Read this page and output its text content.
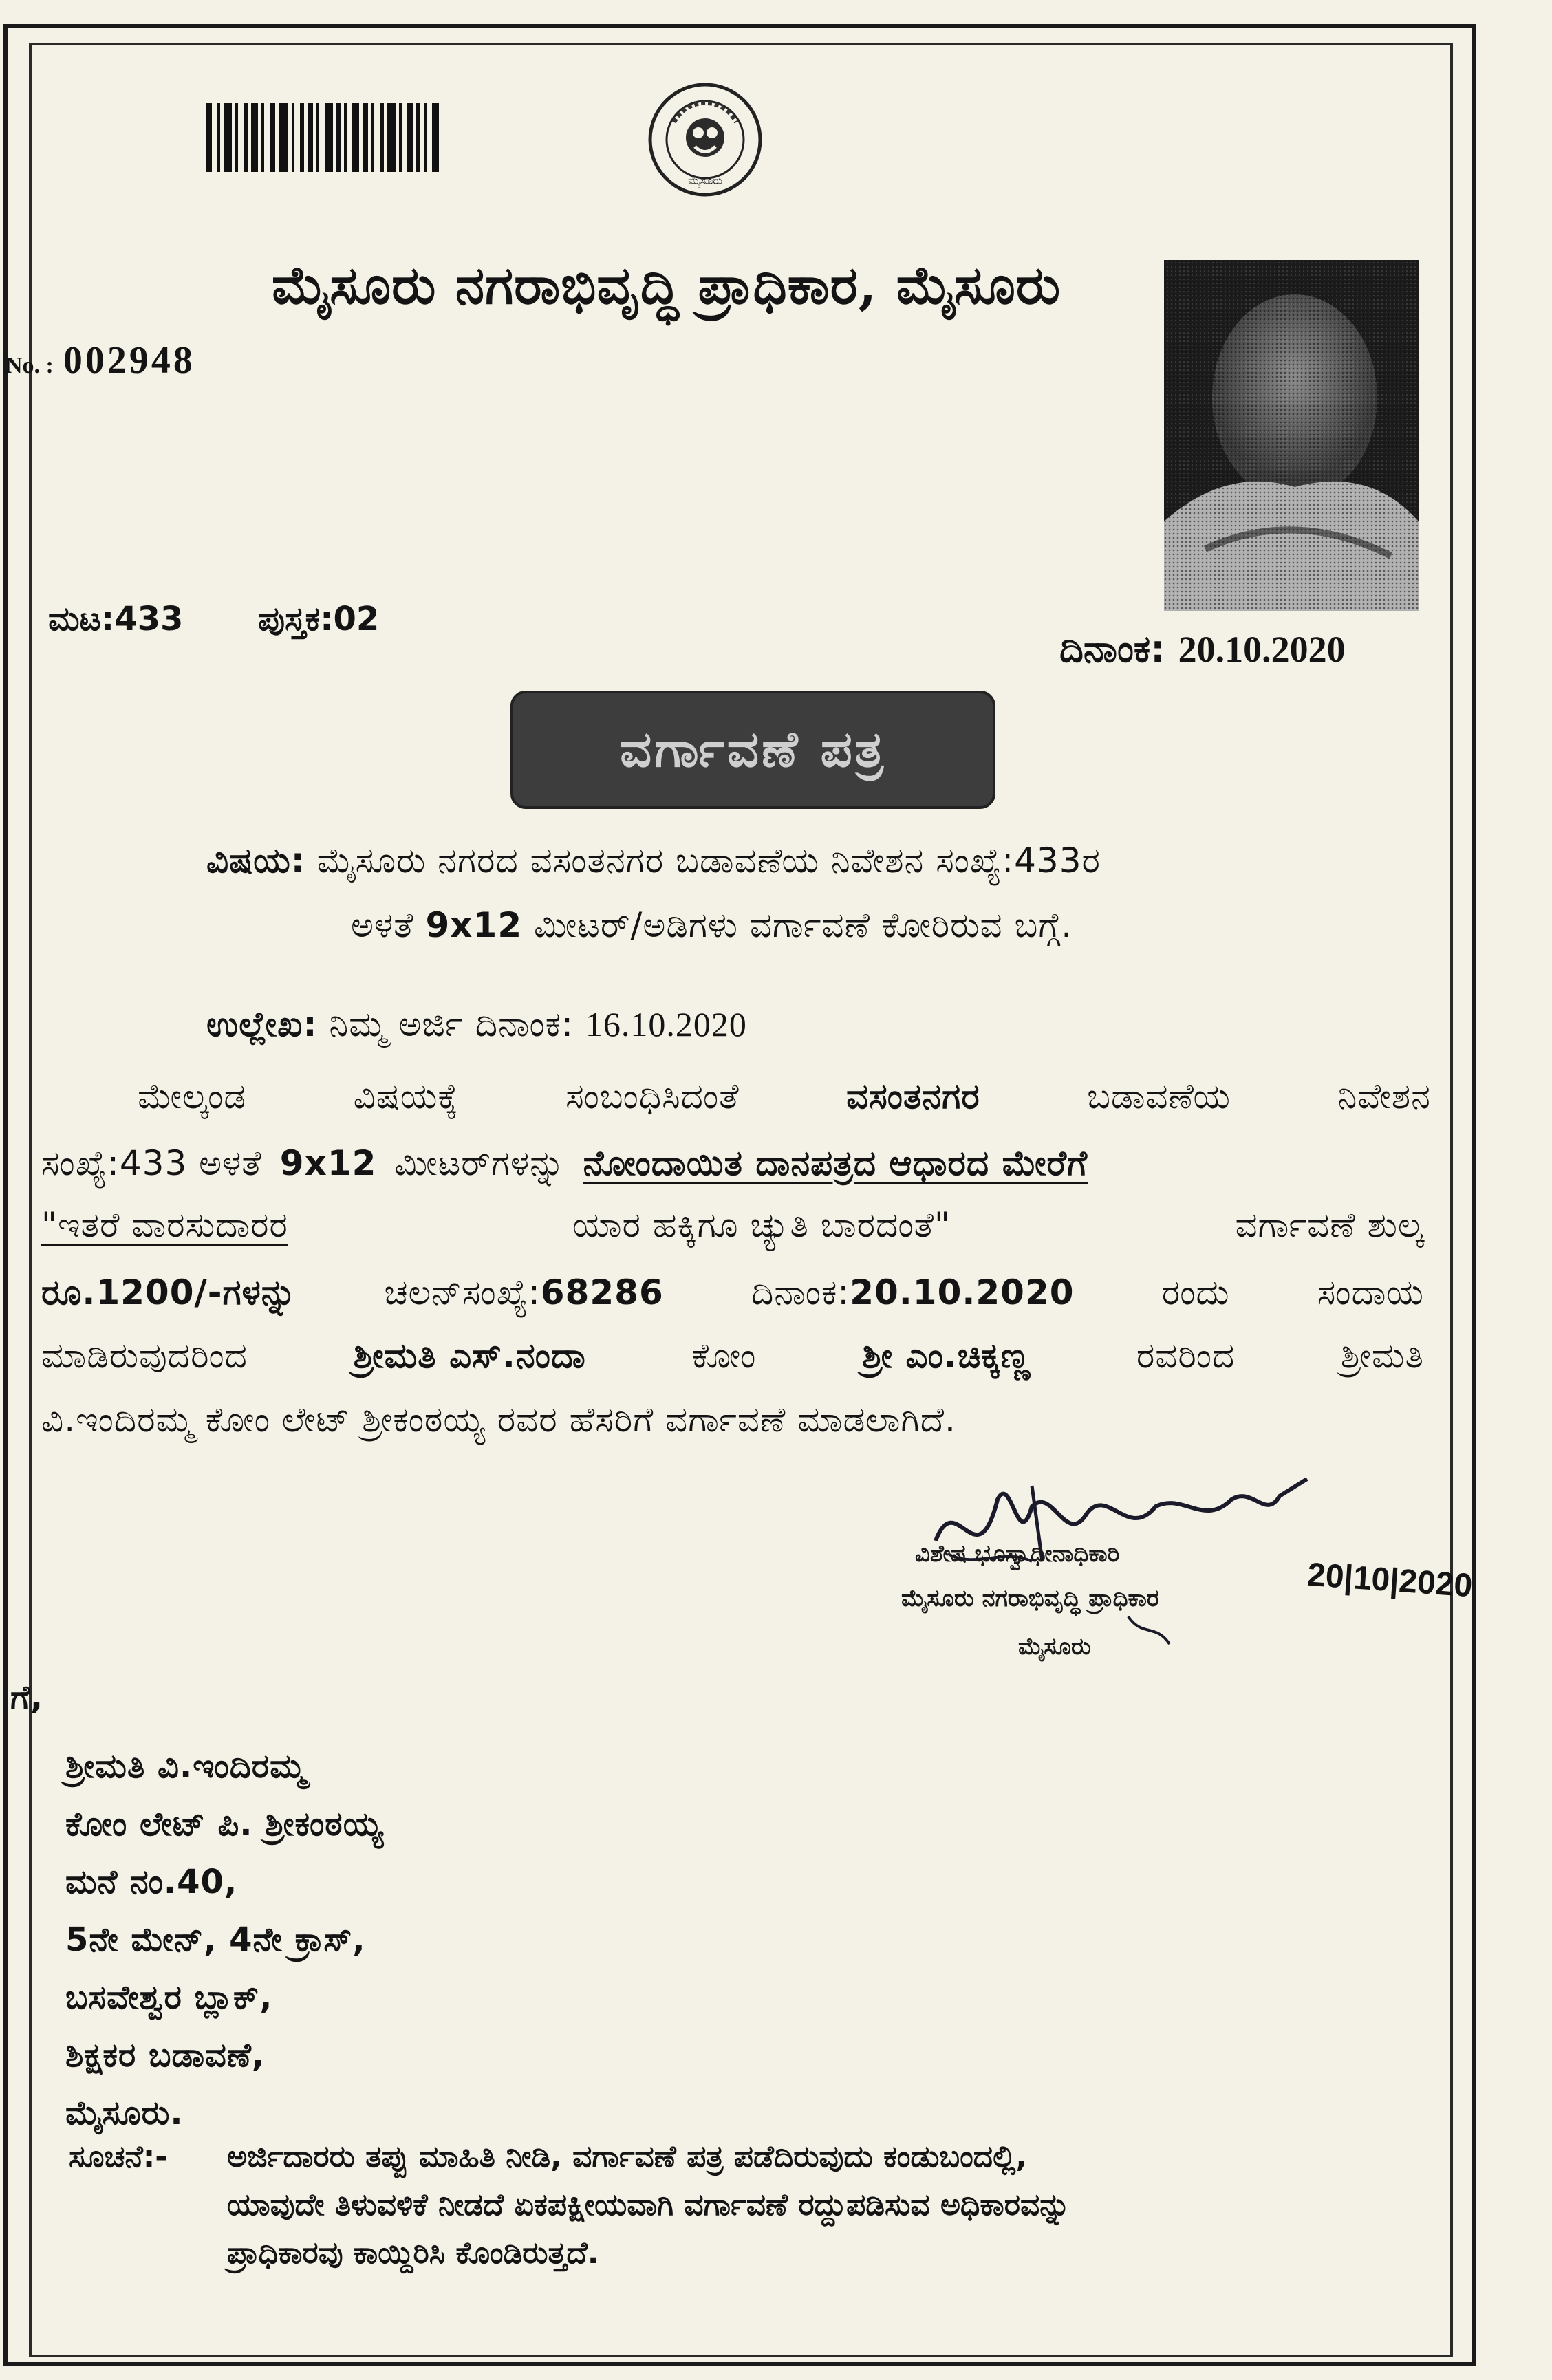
ಮೈಸೂರು
ಮೈಸೂರು ನಗರಾಭಿವೃದ್ಧಿ ಪ್ರಾಧಿಕಾರ, ಮೈಸೂರು
No. : 002948
ಮಟ:433 ಪುಸ್ತಕ:02
ದಿನಾಂಕ: 20.10.2020
ವರ್ಗಾವಣೆ ಪತ್ರ
ವಿಷಯ: ಮೈಸೂರು ನಗರದ ವಸಂತನಗರ ಬಡಾವಣೆಯ ನಿವೇಶನ ಸಂಖ್ಯೆ:433ರ
ಅಳತೆ 9x12 ಮೀಟರ್/ಅಡಿಗಳು ವರ್ಗಾವಣೆ ಕೋರಿರುವ ಬಗ್ಗೆ.
ಉಲ್ಲೇಖ: ನಿಮ್ಮ ಅರ್ಜಿ ದಿನಾಂಕ: 16.10.2020
ಮೇಲ್ಕಂಡ	ವಿಷಯಕ್ಕೆ	ಸಂಬಂಧಿಸಿದಂತೆ	ವಸಂತನಗರ	ಬಡಾವಣೆಯ	ನಿವೇಶನ
ಸಂಖ್ಯೆ:433 ಅಳತೆ 9x12 ಮೀಟರ್‌ಗಳನ್ನು ನೋಂದಾಯಿತ ದಾನಪತ್ರದ ಆಧಾರದ ಮೇರೆಗೆ
"ಇತರೆ ವಾರಸುದಾರರ	ಯಾರ ಹಕ್ಕಿಗೂ ಚ್ಯುತಿ ಬಾರದಂತೆ"	ವರ್ಗಾವಣೆ ಶುಲ್ಕ
ರೂ.1200/-ಗಳನ್ನು	ಚಲನ್‌ಸಂಖ್ಯೆ:68286	ದಿನಾಂಕ:20.10.2020	ರಂದು	ಸಂದಾಯ
ಮಾಡಿರುವುದರಿಂದ	ಶ್ರೀಮತಿ ಎಸ್.ನಂದಾ	ಕೋಂ	ಶ್ರೀ ಎಂ.ಚಿಕ್ಕಣ್ಣ	ರವರಿಂದ	ಶ್ರೀಮತಿ
ವಿ.ಇಂದಿರಮ್ಮ ಕೋಂ ಲೇಟ್ ಶ್ರೀಕಂಠಯ್ಯ ರವರ ಹೆಸರಿಗೆ ವರ್ಗಾವಣೆ ಮಾಡಲಾಗಿದೆ.
ವಿಶೇಷ ಭೂಸ್ವಾಧೀನಾಧಿಕಾರಿ
ಮೈಸೂರು ನಗರಾಭಿವೃದ್ಧಿ ಪ್ರಾಧಿಕಾರ
ಮೈಸೂರು
20|10|2020
ಗೆ,
ಶ್ರೀಮತಿ ವಿ.ಇಂದಿರಮ್ಮ
ಕೋಂ ಲೇಟ್ ಪಿ. ಶ್ರೀಕಂಠಯ್ಯ
ಮನೆ ನಂ.40,
5ನೇ ಮೇನ್, 4ನೇ ಕ್ರಾಸ್,
ಬಸವೇಶ್ವರ ಬ್ಲಾಕ್,
ಶಿಕ್ಷಕರ ಬಡಾವಣೆ,
ಮೈಸೂರು.
ಸೂಚನೆ:- ಅರ್ಜಿದಾರರು ತಪ್ಪು ಮಾಹಿತಿ ನೀಡಿ, ವರ್ಗಾವಣೆ ಪತ್ರ ಪಡೆದಿರುವುದು ಕಂಡುಬಂದಲ್ಲಿ,
ಯಾವುದೇ ತಿಳುವಳಿಕೆ ನೀಡದೆ ಏಕಪಕ್ಷೀಯವಾಗಿ ವರ್ಗಾವಣೆ ರದ್ದುಪಡಿಸುವ ಅಧಿಕಾರವನ್ನು
ಪ್ರಾಧಿಕಾರವು ಕಾಯ್ದಿರಿಸಿ ಕೊಂಡಿರುತ್ತದೆ.
